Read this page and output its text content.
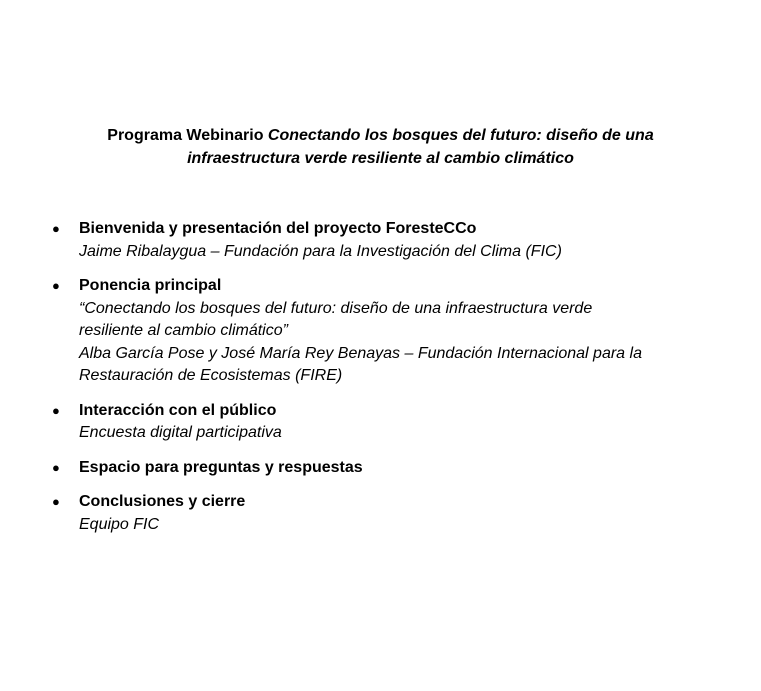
Programa Webinario Conectando los bosques del futuro: diseño de una
infraestructura verde resiliente al cambio climático
● Bienvenida y presentación del proyecto ForesteCCo
Jaime Ribalaygua – Fundación para la Investigación del Clima (FIC)
● Ponencia principal
“Conectando los bosques del futuro: diseño de una infraestructura verde
resiliente al cambio climático”
Alba García Pose y José María Rey Benayas – Fundación Internacional para la
Restauración de Ecosistemas (FIRE)
● Interacción con el público
Encuesta digital participativa
● Espacio para preguntas y respuestas
● Conclusiones y cierre
Equipo FIC
